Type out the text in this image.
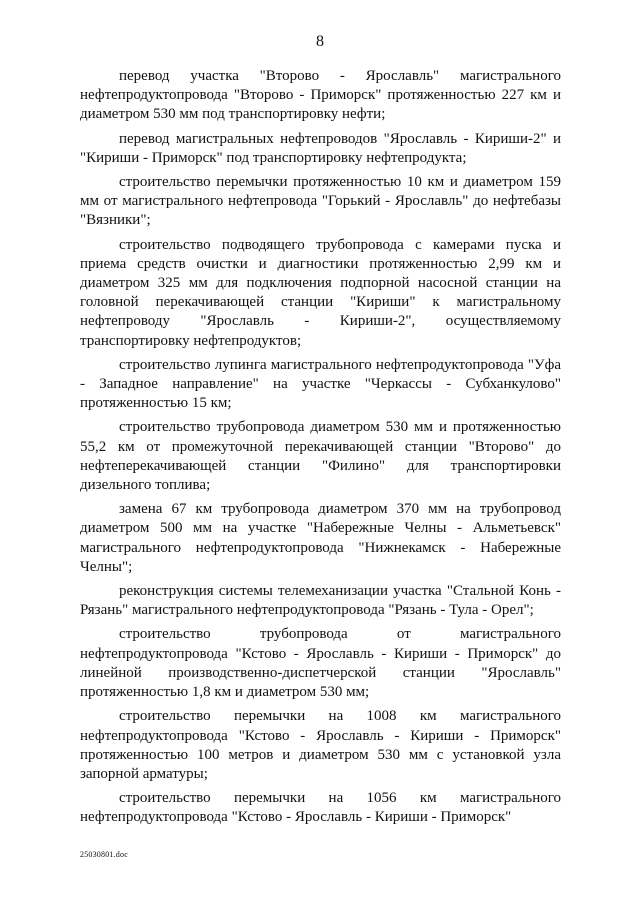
8

перевод участка "Второво - Ярославль" магистрального нефтепродуктопровода "Второво - Приморск" протяженностью 227 км и диаметром 530 мм под транспортировку нефти;

перевод магистральных нефтепроводов "Ярославль - Кириши-2" и "Кириши - Приморск" под транспортировку нефтепродукта;

строительство перемычки протяженностью 10 км и диаметром 159 мм от магистрального нефтепровода "Горький - Ярославль" до нефтебазы "Вязники";

строительство подводящего трубопровода с камерами пуска и приема средств очистки и диагностики протяженностью 2,99 км и диаметром 325 мм для подключения подпорной насосной станции на головной перекачивающей станции "Кириши" к магистральному нефтепроводу "Ярославль - Кириши-2", осуществляемому транспортировку нефтепродуктов;

строительство лупинга магистрального нефтепродуктопровода "Уфа - Западное направление" на участке "Черкассы - Субханкулово" протяженностью 15 км;

строительство трубопровода диаметром 530 мм и протяженностью 55,2 км от промежуточной перекачивающей станции "Второво" до нефтеперекачивающей станции "Филино" для транспортировки дизельного топлива;

замена 67 км трубопровода диаметром 370 мм на трубопровод диаметром 500 мм на участке "Набережные Челны - Альметьевск" магистрального нефтепродуктопровода "Нижнекамск - Набережные Челны";

реконструкция системы телемеханизации участка "Стальной Конь - Рязань" магистрального нефтепродуктопровода "Рязань - Тула - Орел";

строительство трубопровода от магистрального нефтепродуктопровода "Кстово - Ярославль - Кириши - Приморск" до линейной производственно-диспетчерской станции "Ярославль" протяженностью 1,8 км и диаметром 530 мм;

строительство перемычки на 1008 км магистрального нефтепродуктопровода "Кстово - Ярославль - Кириши - Приморск" протяженностью 100 метров и диаметром 530 мм с установкой узла запорной арматуры;

строительство перемычки на 1056 км магистрального нефтепродуктопровода "Кстово - Ярославль - Кириши - Приморск"

25030801.doc
